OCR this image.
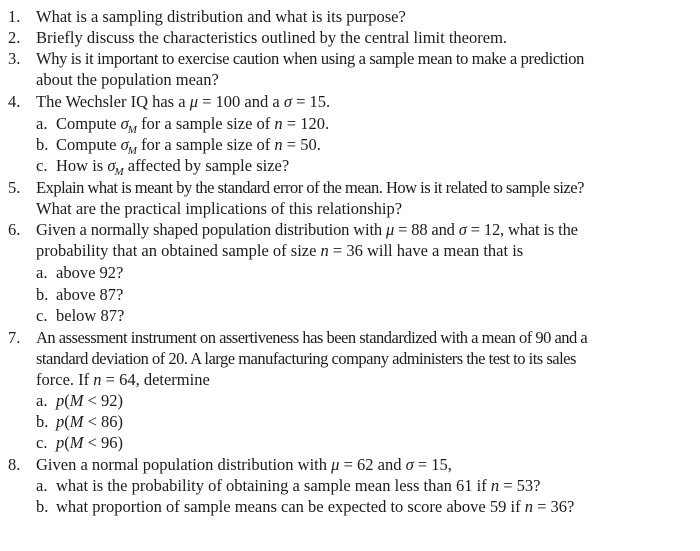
1. What is a sampling distribution and what is its purpose?
2. Briefly discuss the characteristics outlined by the central limit theorem.
3. Why is it important to exercise caution when using a sample mean to make a prediction
about the population mean?
4. The Wechsler IQ has a μ = 100 and a σ = 15.
a. Compute $\sigma_M$ for a sample size of n = 120.
b. Compute $\sigma_M$ for a sample size of n = 50.
c. How is $\sigma_M$ affected by sample size?
5. Explain what is meant by the standard error of the mean. How is it related to sample size?
What are the practical implications of this relationship?
6. Given a normally shaped population distribution with μ = 88 and σ = 12, what is the
probability that an obtained sample of size n = 36 will have a mean that is
a. above 92?
b. above 87?
c. below 87?
7. An assessment instrument on assertiveness has been standardized with a mean of 90 and a
standard deviation of 20. A large manufacturing company administers the test to its sales
force. If n = 64, determine
a. p(M < 92)
b. p(M < 86)
c. p(M < 96)
8. Given a normal population distribution with μ = 62 and σ = 15,
a. what is the probability of obtaining a sample mean less than 61 if n = 53?
b. what proportion of sample means can be expected to score above 59 if n = 36?
